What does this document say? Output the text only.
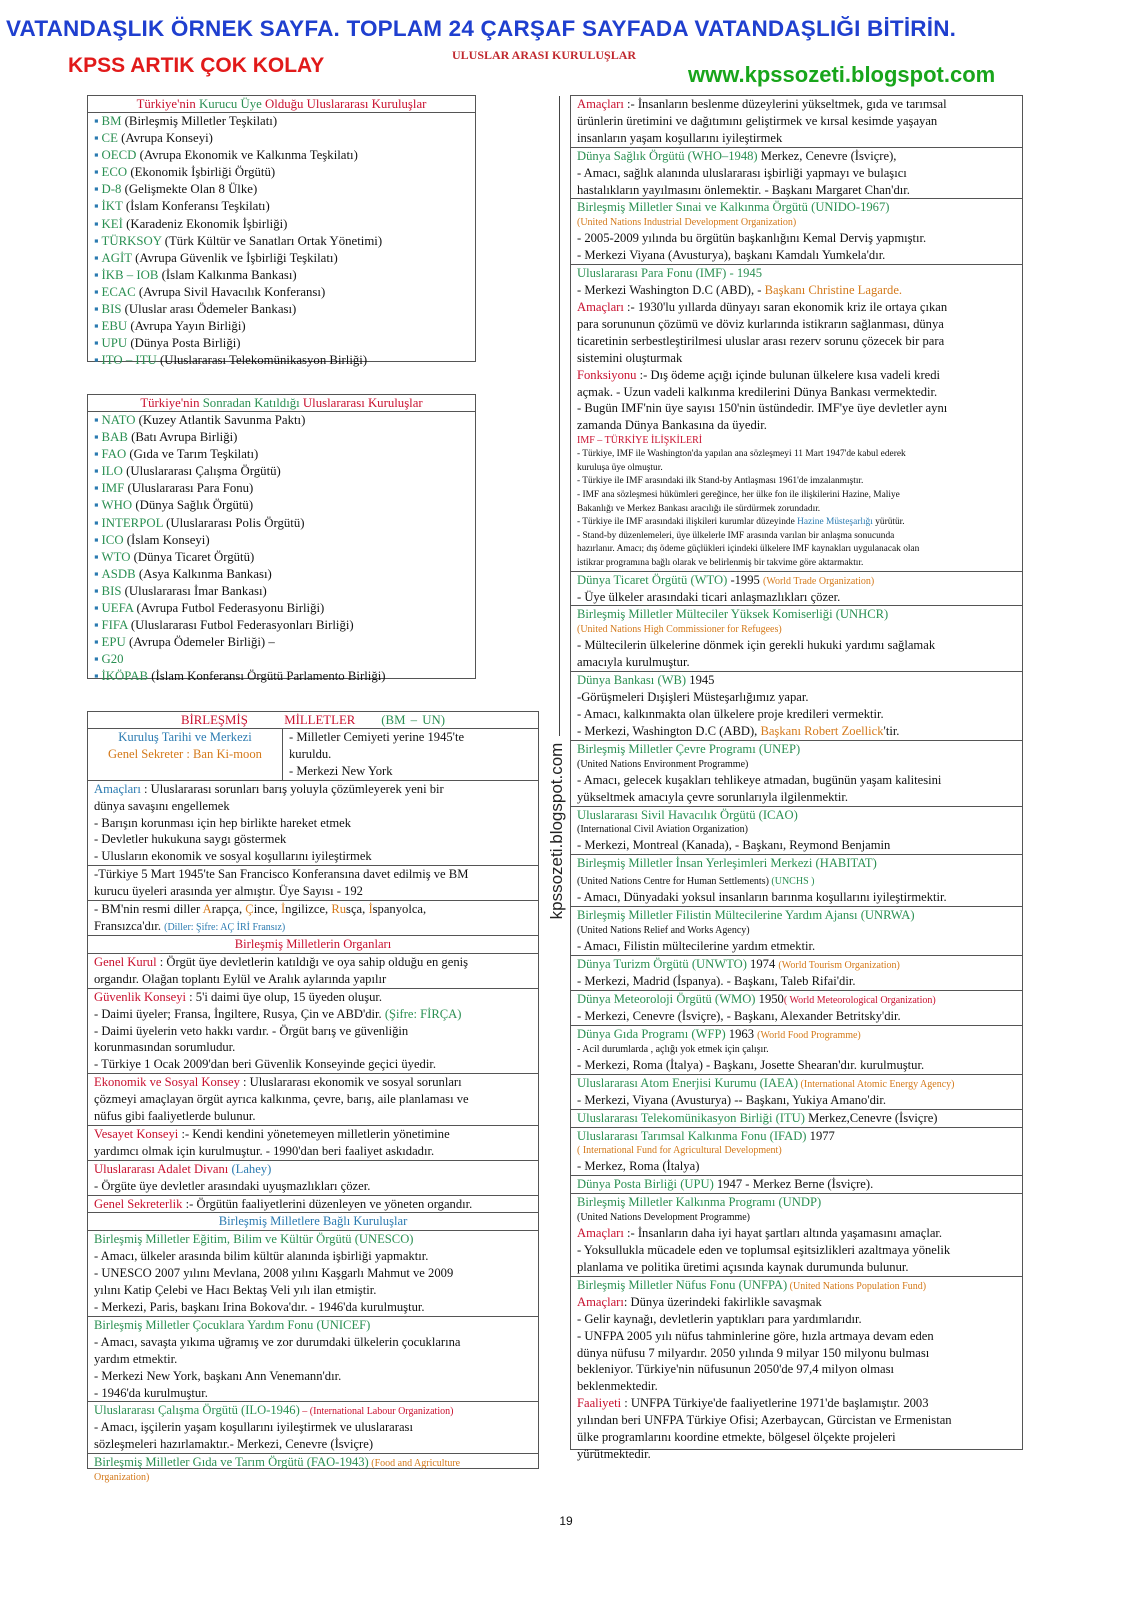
VATANDAŞLIK ÖRNEK SAYFA. TOPLAM 24 ÇARŞAF SAYFADA VATANDAŞLIĞI BİTİRİN.
KPSS ARTIK ÇOK KOLAY	ULUSLAR ARASI KURULUŞLAR
www.kpssozeti.blogspot.com
Türkiye'nin Kurucu Üye Olduğu Uluslararası Kuruluşlar
▪ BM (Birleşmiş Milletler Teşkilatı)
▪ CE (Avrupa Konseyi)
▪ OECD (Avrupa Ekonomik ve Kalkınma Teşkilatı)
▪ ECO (Ekonomik İşbirliği Örgütü)
▪ D-8 (Gelişmekte Olan 8 Ülke)
▪ İKT (İslam Konferansı Teşkilatı)
▪ KEİ (Karadeniz Ekonomik İşbirliği)
▪ TÜRKSOY (Türk Kültür ve Sanatları Ortak Yönetimi)
▪ AGİT (Avrupa Güvenlik ve İşbirliği Teşkilatı)
▪ İKB – IOB (İslam Kalkınma Bankası)
▪ ECAC (Avrupa Sivil Havacılık Konferansı)
▪ BIS (Uluslar arası Ödemeler Bankası)
▪ EBU (Avrupa Yayın Birliği)
▪ UPU (Dünya Posta Birliği)
▪ ITO – ITU (Uluslararası Telekomünikasyon Birliği)
Türkiye'nin Sonradan Katıldığı Uluslararası Kuruluşlar
▪ NATO (Kuzey Atlantik Savunma Paktı)
▪ BAB (Batı Avrupa Birliği)
▪ FAO (Gıda ve Tarım Teşkilatı)
▪ ILO (Uluslararası Çalışma Örgütü)
▪ IMF (Uluslararası Para Fonu)
▪ WHO (Dünya Sağlık Örgütü)
▪ INTERPOL (Uluslararası Polis Örgütü)
▪ ICO (İslam Konseyi)
▪ WTO (Dünya Ticaret Örgütü)
▪ ASDB (Asya Kalkınma Bankası)
▪ BIS (Uluslararası İmar Bankası)
▪ UEFA (Avrupa Futbol Federasyonu Birliği)
▪ FIFA (Uluslararası Futbol Federasyonları Birliği)
▪ EPU (Avrupa Ödemeler Birliği) –
▪ G20
▪ İKÖPAB (İslam Konferansı Örgütü Parlamento Birliği)
BİRLEŞMİŞ	MİLLETLER (BM – UN)
Kuruluş Tarihi ve Merkezi
Genel Sekreter : Ban Ki-moon
- Milletler Cemiyeti yerine 1945'te
kuruldu.
- Merkezi New York
Amaçları : Uluslararası sorunları barış yoluyla çözümleyerek yeni bir
dünya savaşını engellemek
- Barışın korunması için hep birlikte hareket etmek
- Devletler hukukuna saygı göstermek
- Ulusların ekonomik ve sosyal koşullarını iyileştirmek
-Türkiye 5 Mart 1945'te San Francisco Konferansına davet edilmiş ve BM
kurucu üyeleri arasında yer almıştır. Üye Sayısı - 192
- BM'nin resmi diller Arapça, Çince, İngilizce, Rusça, İspanyolca,
Fransızca'dır. (Diller: Şifre: AÇ İRİ Fransız)
Birleşmiş Milletlerin Organları
Genel Kurul : Örgüt üye devletlerin katıldığı ve oya sahip olduğu en geniş
organdır. Olağan toplantı Eylül ve Aralık aylarında yapılır
Güvenlik Konseyi : 5'i daimi üye olup, 15 üyeden oluşur.
- Daimi üyeler; Fransa, İngiltere, Rusya, Çin ve ABD'dir. (Şifre: FİRÇA)
- Daimi üyelerin veto hakkı vardır. - Örgüt barış ve güvenliğin
korunmasından sorumludur.
- Türkiye 1 Ocak 2009'dan beri Güvenlik Konseyinde geçici üyedir.
Ekonomik ve Sosyal Konsey : Uluslararası ekonomik ve sosyal sorunları
çözmeyi amaçlayan örgüt ayrıca kalkınma, çevre, barış, aile planlaması ve
nüfus gibi faaliyetlerde bulunur.
Vesayet Konseyi :- Kendi kendini yönetemeyen milletlerin yönetimine
yardımcı olmak için kurulmuştur. - 1990'dan beri faaliyet askıdadır.
Uluslararası Adalet Divanı (Lahey)
- Örgüte üye devletler arasındaki uyuşmazlıkları çözer.
Genel Sekreterlik :- Örgütün faaliyetlerini düzenleyen ve yöneten organdır.
Birleşmiş Milletlere Bağlı Kuruluşlar
Birleşmiş Milletler Eğitim, Bilim ve Kültür Örgütü (UNESCO)
- Amacı, ülkeler arasında bilim kültür alanında işbirliği yapmaktır.
- UNESCO 2007 yılını Mevlana, 2008 yılını Kaşgarlı Mahmut ve 2009
yılını Katip Çelebi ve Hacı Bektaş Veli yılı ilan etmiştir.
- Merkezi, Paris, başkanı Irina Bokova'dır. - 1946'da kurulmuştur.
Birleşmiş Milletler Çocuklara Yardım Fonu (UNICEF)
- Amacı, savaşta yıkıma uğramış ve zor durumdaki ülkelerin çocuklarına
yardım etmektir.
- Merkezi New York, başkanı Ann Venemann'dır.
- 1946'da kurulmuştur.
Uluslararası Çalışma Örgütü (ILO-1946) – (International Labour Organization)
- Amacı, işçilerin yaşam koşullarını iyileştirmek ve uluslararası
sözleşmeleri hazırlamaktır.- Merkezi, Cenevre (İsviçre)
Birleşmiş Milletler Gıda ve Tarım Örgütü (FAO-1943) (Food and Agriculture
Organization)
kpssozeti.blogspot.com
Amaçları :- İnsanların beslenme düzeylerini yükseltmek, gıda ve tarımsal
ürünlerin üretimini ve dağıtımını geliştirmek ve kırsal kesimde yaşayan
insanların yaşam koşullarını iyileştirmek
Dünya Sağlık Örgütü (WHO–1948) Merkez, Cenevre (İsviçre),
- Amacı, sağlık alanında uluslararası işbirliği yapmayı ve bulaşıcı
hastalıkların yayılmasını önlemektir. - Başkanı Margaret Chan'dır.
Birleşmiş Milletler Sınai ve Kalkınma Örgütü (UNIDO-1967)
(United Nations Industrial Development Organization)
- 2005-2009 yılında bu örgütün başkanlığını Kemal Derviş yapmıştır.
- Merkezi Viyana (Avusturya), başkanı Kamdalı Yumkela'dır.
Uluslararası Para Fonu (IMF) - 1945
- Merkezi Washington D.C (ABD), - Başkanı Christine Lagarde.
Amaçları :- 1930'lu yıllarda dünyayı saran ekonomik kriz ile ortaya çıkan
para sorununun çözümü ve döviz kurlarında istikrarın sağlanması, dünya
ticaretinin serbestleştirilmesi uluslar arası rezerv sorunu çözecek bir para
sistemini oluşturmak
Fonksiyonu :- Dış ödeme açığı içinde bulunan ülkelere kısa vadeli kredi
açmak. - Uzun vadeli kalkınma kredilerini Dünya Bankası vermektedir.
- Bugün IMF'nin üye sayısı 150'nin üstündedir. IMF'ye üye devletler aynı
zamanda Dünya Bankasına da üyedir.
IMF – TÜRKİYE İLİŞKİLERİ
- Türkiye, IMF ile Washington'da yapılan ana sözleşmeyi 11 Mart 1947'de kabul ederek
kuruluşa üye olmuştur.
- Türkiye ile IMF arasındaki ilk Stand-by Antlaşması 1961'de imzalanmıştır.
- IMF ana sözleşmesi hükümleri gereğince, her ülke fon ile ilişkilerini Hazine, Maliye
Bakanlığı ve Merkez Bankası aracılığı ile sürdürmek zorundadır.
- Türkiye ile IMF arasındaki ilişkileri kurumlar düzeyinde Hazine Müsteşarlığı yürütür.
- Stand-by düzenlemeleri, üye ülkelerle IMF arasında varılan bir anlaşma sonucunda
hazırlanır. Amacı; dış ödeme güçlükleri içindeki ülkelere IMF kaynakları uygulanacak olan
istikrar programına bağlı olarak ve belirlenmiş bir takvime göre aktarmaktır.
Dünya Ticaret Örgütü (WTO) -1995 (World Trade Organization)
- Üye ülkeler arasındaki ticari anlaşmazlıkları çözer.
Birleşmiş Milletler Mülteciler Yüksek Komiserliği (UNHCR)
(United Nations High Commissioner for Refugees)
- Mültecilerin ülkelerine dönmek için gerekli hukuki yardımı sağlamak
amacıyla kurulmuştur.
Dünya Bankası (WB) 1945
-Görüşmeleri Dışişleri Müsteşarlığımız yapar.
- Amacı, kalkınmakta olan ülkelere proje kredileri vermektir.
- Merkezi, Washington D.C (ABD), Başkanı Robert Zoellick'tir.
Birleşmiş Milletler Çevre Programı (UNEP)
(United Nations Environment Programme)
- Amacı, gelecek kuşakları tehlikeye atmadan, bugünün yaşam kalitesini
yükseltmek amacıyla çevre sorunlarıyla ilgilenmektir.
Uluslararası Sivil Havacılık Örgütü (ICAO)
(International Civil Aviation Organization)
- Merkezi, Montreal (Kanada), - Başkanı, Reymond Benjamin
Birleşmiş Milletler İnsan Yerleşimleri Merkezi (HABITAT)
(United Nations Centre for Human Settlements) (UNCHS )
- Amacı, Dünyadaki yoksul insanların barınma koşullarını iyileştirmektir.
Birleşmiş Milletler Filistin Mültecilerine Yardım Ajansı (UNRWA)
(United Nations Relief and Works Agency)
- Amacı, Filistin mültecilerine yardım etmektir.
Dünya Turizm Örgütü (UNWTO) 1974 (World Tourism Organization)
- Merkezi, Madrid (İspanya). - Başkanı, Taleb Rifai'dir.
Dünya Meteoroloji Örgütü (WMO) 1950( World Meteorological Organization)
- Merkezi, Cenevre (İsviçre), - Başkanı, Alexander Betritsky'dir.
Dünya Gıda Programı (WFP) 1963 (World Food Programme)
- Acil durumlarda , açlığı yok etmek için çalışır.
- Merkezi, Roma (İtalya) - Başkanı, Josette Shearan'dır. kurulmuştur.
Uluslararası Atom Enerjisi Kurumu (IAEA) (International Atomic Energy Agency)
- Merkezi, Viyana (Avusturya) -- Başkanı, Yukiya Amano'dir.
Uluslararası Telekomünikasyon Birliği (ITU) Merkez,Cenevre (İsviçre)
Uluslararası Tarımsal Kalkınma Fonu (IFAD) 1977
( International Fund for Agricultural Development)
- Merkez, Roma (İtalya)
Dünya Posta Birliği (UPU) 1947 - Merkez Berne (İsviçre).
Birleşmiş Milletler Kalkınma Programı (UNDP)
(United Nations Development Programme)
Amaçları :- İnsanların daha iyi hayat şartları altında yaşamasını amaçlar.
- Yoksullukla mücadele eden ve toplumsal eşitsizlikleri azaltmaya yönelik
planlama ve politika üretimi açısında kaynak durumunda bulunur.
Birleşmiş Milletler Nüfus Fonu (UNFPA) (United Nations Population Fund)
Amaçları: Dünya üzerindeki fakirlikle savaşmak
- Gelir kaynağı, devletlerin yaptıkları para yardımlarıdır.
- UNFPA 2005 yılı nüfus tahminlerine göre, hızla artmaya devam eden
dünya nüfusu 7 milyardır. 2050 yılında 9 milyar 150 milyonu bulması
bekleniyor. Türkiye'nin nüfusunun 2050'de 97,4 milyon olması
beklenmektedir.
Faaliyeti : UNFPA Türkiye'de faaliyetlerine 1971'de başlamıştır. 2003
yılından beri UNFPA Türkiye Ofisi; Azerbaycan, Gürcistan ve Ermenistan
ülke programlarını koordine etmekte, bölgesel ölçekte projeleri
yürütmektedir.
19
